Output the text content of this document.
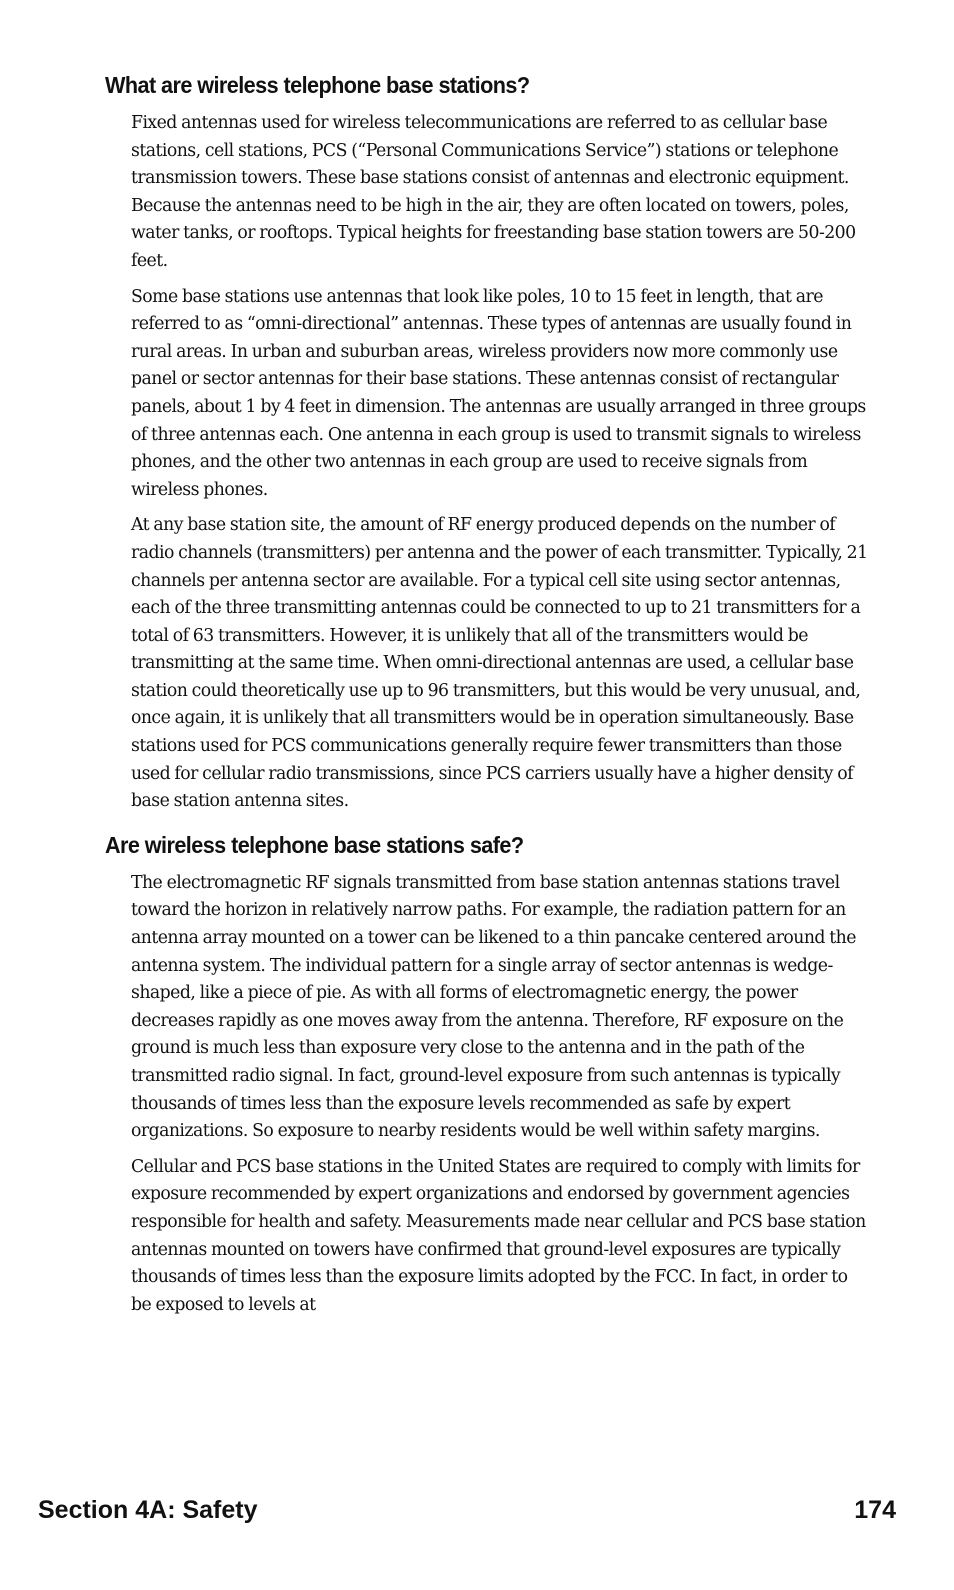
What are wireless telephone base stations?

Fixed antennas used for wireless telecommunications are referred to as cellular base stations, cell stations, PCS (“Personal Communications Service”) stations or telephone transmission towers. These base stations consist of antennas and electronic equipment. Because the antennas need to be high in the air, they are often located on towers, poles, water tanks, or rooftops. Typical heights for freestanding base station towers are 50-200 feet.

Some base stations use antennas that look like poles, 10 to 15 feet in length, that are referred to as “omni-directional” antennas. These types of antennas are usually found in rural areas. In urban and suburban areas, wireless providers now more commonly use panel or sector antennas for their base stations. These antennas consist of rectangular panels, about 1 by 4 feet in dimension. The antennas are usually arranged in three groups of three antennas each. One antenna in each group is used to transmit signals to wireless phones, and the other two antennas in each group are used to receive signals from wireless phones.

At any base station site, the amount of RF energy produced depends on the number of radio channels (transmitters) per antenna and the power of each transmitter. Typically, 21 channels per antenna sector are available. For a typical cell site using sector antennas, each of the three transmitting antennas could be connected to up to 21 transmitters for a total of 63 transmitters. However, it is unlikely that all of the transmitters would be transmitting at the same time. When omni-directional antennas are used, a cellular base station could theoretically use up to 96 transmitters, but this would be very unusual, and, once again, it is unlikely that all transmitters would be in operation simultaneously. Base stations used for PCS communications generally require fewer transmitters than those used for cellular radio transmissions, since PCS carriers usually have a higher density of base station antenna sites.

Are wireless telephone base stations safe?

The electromagnetic RF signals transmitted from base station antennas stations travel toward the horizon in relatively narrow paths. For example, the radiation pattern for an antenna array mounted on a tower can be likened to a thin pancake centered around the antenna system. The individual pattern for a single array of sector antennas is wedge-shaped, like a piece of pie. As with all forms of electromagnetic energy, the power decreases rapidly as one moves away from the antenna. Therefore, RF exposure on the ground is much less than exposure very close to the antenna and in the path of the transmitted radio signal. In fact, ground-level exposure from such antennas is typically thousands of times less than the exposure levels recommended as safe by expert organizations. So exposure to nearby residents would be well within safety margins.

Cellular and PCS base stations in the United States are required to comply with limits for exposure recommended by expert organizations and endorsed by government agencies responsible for health and safety. Measurements made near cellular and PCS base station antennas mounted on towers have confirmed that ground-level exposures are typically thousands of times less than the exposure limits adopted by the FCC. In fact, in order to be exposed to levels at

Section 4A: Safety	174
